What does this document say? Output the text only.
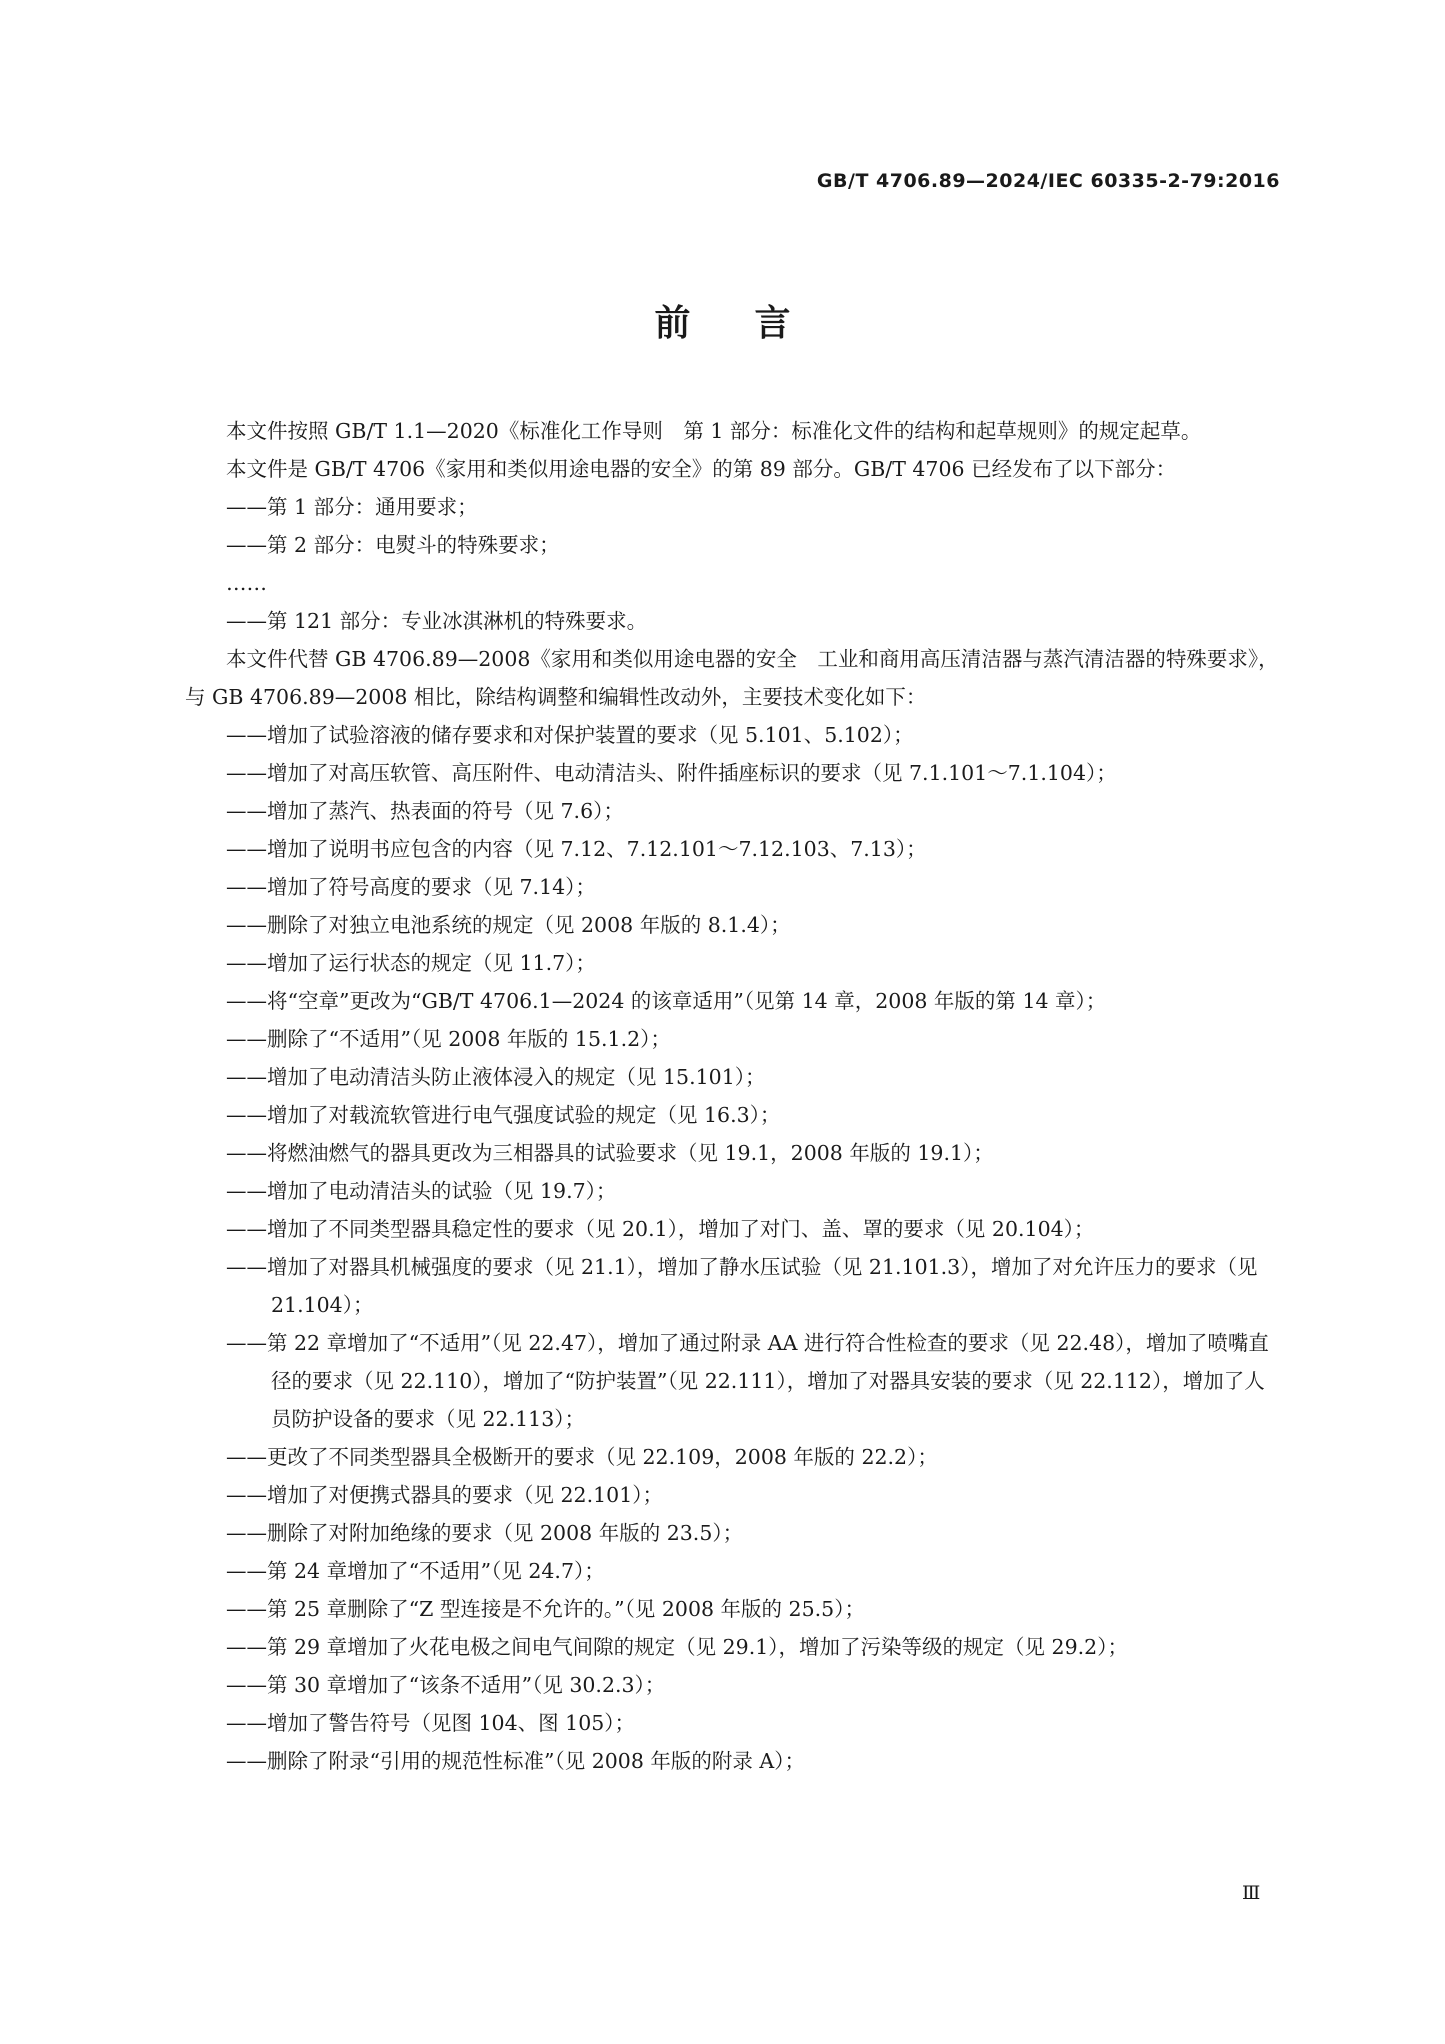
GB/T 4706.89—2024/IEC 60335-2-79:2016
前言

本文件按照 GB/T 1.1—2020《标准化工作导则　第 1 部分：标准化文件的结构和起草规则》的规定起草。

本文件是 GB/T 4706《家用和类似用途电器的安全》的第 89 部分。GB/T 4706 已经发布了以下部分：

——第 1 部分：通用要求；

——第 2 部分：电熨斗的特殊要求；

……

——第 121 部分：专业冰淇淋机的特殊要求。

本文件代替 GB 4706.89—2008《家用和类似用途电器的安全　工业和商用高压清洁器与蒸汽清洁器的特殊要求》，与 GB 4706.89—2008 相比，除结构调整和编辑性改动外，主要技术变化如下：

——增加了试验溶液的储存要求和对保护装置的要求（见 5.101、5.102）；

——增加了对高压软管、高压附件、电动清洁头、附件插座标识的要求（见 7.1.101～7.1.104）；

——增加了蒸汽、热表面的符号（见 7.6）；

——增加了说明书应包含的内容（见 7.12、7.12.101～7.12.103、7.13）；

——增加了符号高度的要求（见 7.14）；

——删除了对独立电池系统的规定（见 2008 年版的 8.1.4）；

——增加了运行状态的规定（见 11.7）；

——将“空章”更改为“GB/T 4706.1—2024 的该章适用”（见第 14 章，2008 年版的第 14 章）；

——删除了“不适用”（见 2008 年版的 15.1.2）；

——增加了电动清洁头防止液体浸入的规定（见 15.101）；

——增加了对载流软管进行电气强度试验的规定（见 16.3）；

——将燃油燃气的器具更改为三相器具的试验要求（见 19.1，2008 年版的 19.1）；

——增加了电动清洁头的试验（见 19.7）；

——增加了不同类型器具稳定性的要求（见 20.1），增加了对门、盖、罩的要求（见 20.104）；

——增加了对器具机械强度的要求（见 21.1），增加了静水压试验（见 21.101.3），增加了对允许压力的要求（见 21.104）；

——第 22 章增加了“不适用”（见 22.47），增加了通过附录 AA 进行符合性检查的要求（见 22.48），增加了喷嘴直径的要求（见 22.110），增加了“防护装置”（见 22.111），增加了对器具安装的要求（见 22.112），增加了人员防护设备的要求（见 22.113）；

——更改了不同类型器具全极断开的要求（见 22.109，2008 年版的 22.2）；

——增加了对便携式器具的要求（见 22.101）；

——删除了对附加绝缘的要求（见 2008 年版的 23.5）；

——第 24 章增加了“不适用”（见 24.7）；

——第 25 章删除了“Z 型连接是不允许的。”（见 2008 年版的 25.5）；

——第 29 章增加了火花电极之间电气间隙的规定（见 29.1），增加了污染等级的规定（见 29.2）；

——第 30 章增加了“该条不适用”（见 30.2.3）；

——增加了警告符号（见图 104、图 105）；

——删除了附录“引用的规范性标准”（见 2008 年版的附录 A）；

Ⅲ
